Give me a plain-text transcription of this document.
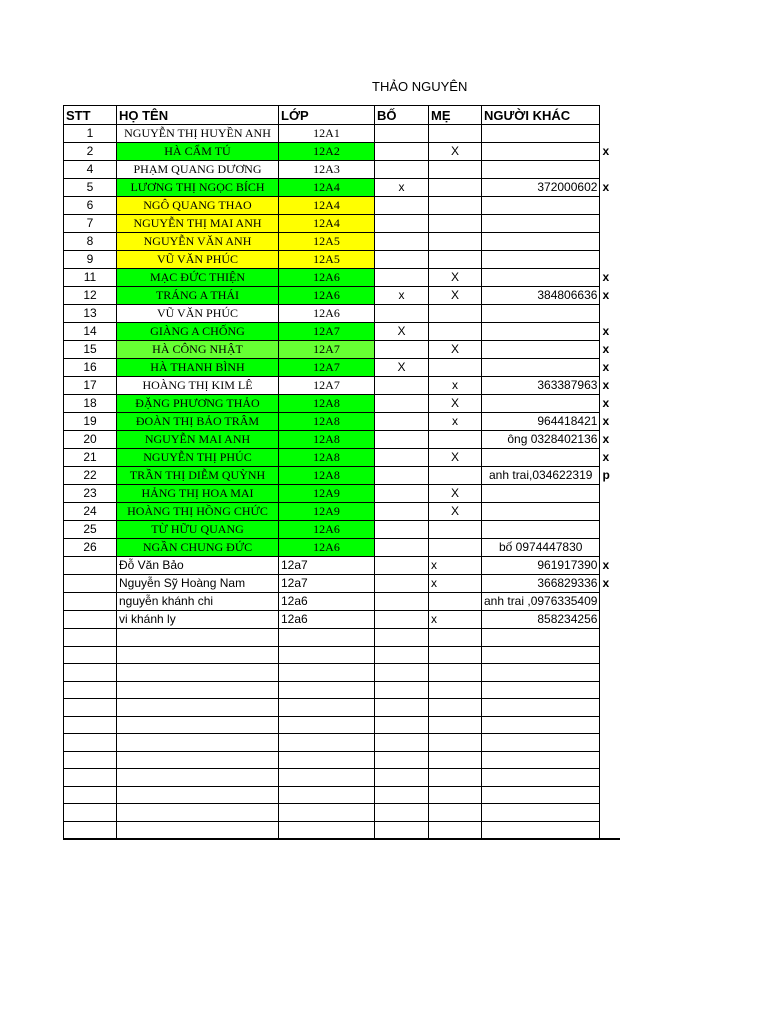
THẢO NGUYÊN
STT	HỌ TÊN	LỚP	BỐ	MẸ	NGƯỜI KHÁC	
1	NGUYỄN THỊ HUYỀN ANH	12A1				
2	HÀ CẨM TÚ	12A2		X		x
4	PHẠM QUANG DƯƠNG	12A3				
5	LƯƠNG THỊ NGỌC BÍCH	12A4	x		372000602	x
6	NGÔ QUANG THAO	12A4				
7	NGUYỄN THỊ MAI ANH	12A4				
8	NGUYỄN VĂN ANH	12A5				
9	VŨ VĂN PHÚC	12A5				
11	MẠC ĐỨC THIỆN	12A6		X		x
12	TRÁNG A THÁI	12A6	x	X	384806636	x
13	VŨ VĂN PHÚC	12A6				
14	GIÀNG A CHỐNG	12A7	X			x
15	HÀ CÔNG NHẬT	12A7		X		x
16	HÀ THANH BÌNH	12A7	X			x
17	HOÀNG THỊ KIM LÊ	12A7		x	363387963	x
18	ĐẶNG PHƯƠNG THẢO	12A8		X		x
19	ĐOÀN THỊ BẢO TRÂM	12A8		x	964418421	x
20	NGUYỄN MAI ANH	12A8			ông 0328402136	x
21	NGUYỄN THỊ PHÚC	12A8		X		x
22	TRẦN THỊ DIỄM QUỲNH	12A8			anh trai,034622319	p
23	HẢNG THỊ HOA MAI	12A9		X		
24	HOÀNG THỊ HỒNG CHỨC	12A9		X		
25	TỪ HỮU QUANG	12A6				
26	NGẦN CHUNG ĐỨC	12A6			bố 0974447830	
	Đỗ Văn Bảo	12a7		x	961917390	x
	Nguyễn Sỹ Hoàng Nam	12a7		x	366829336	x
	nguyễn khánh chi	12a6			anh trai ,0976335409	
	vi khánh ly	12a6		x	858234256	
